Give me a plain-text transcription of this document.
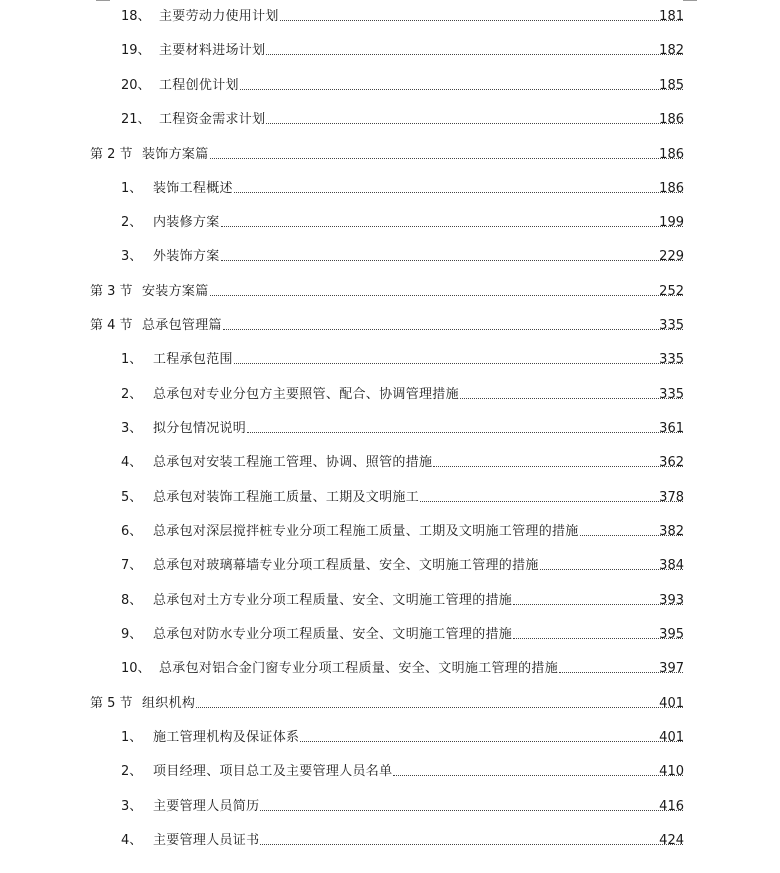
18、 主要劳动力使用计划	181
19、 主要材料进场计划	182
20、 工程创优计划	185
21、 工程资金需求计划	186
第 2 节 装饰方案篇	186
1、 装饰工程概述	186
2、 内装修方案	199
3、 外装饰方案	229
第 3 节 安装方案篇	252
第 4 节 总承包管理篇	335
1、 工程承包范围	335
2、 总承包对专业分包方主要照管、配合、协调管理措施	335
3、 拟分包情况说明	361
4、 总承包对安装工程施工管理、协调、照管的措施	362
5、 总承包对装饰工程施工质量、工期及文明施工	378
6、 总承包对深层搅拌桩专业分项工程施工质量、工期及文明施工管理的措施	382
7、 总承包对玻璃幕墙专业分项工程质量、安全、文明施工管理的措施	384
8、 总承包对土方专业分项工程质量、安全、文明施工管理的措施	393
9、 总承包对防水专业分项工程质量、安全、文明施工管理的措施	395
10、 总承包对铝合金门窗专业分项工程质量、安全、文明施工管理的措施	397
第 5 节 组织机构	401
1、 施工管理机构及保证体系	401
2、 项目经理、项目总工及主要管理人员名单	410
3、 主要管理人员简历	416
4、 主要管理人员证书	424
